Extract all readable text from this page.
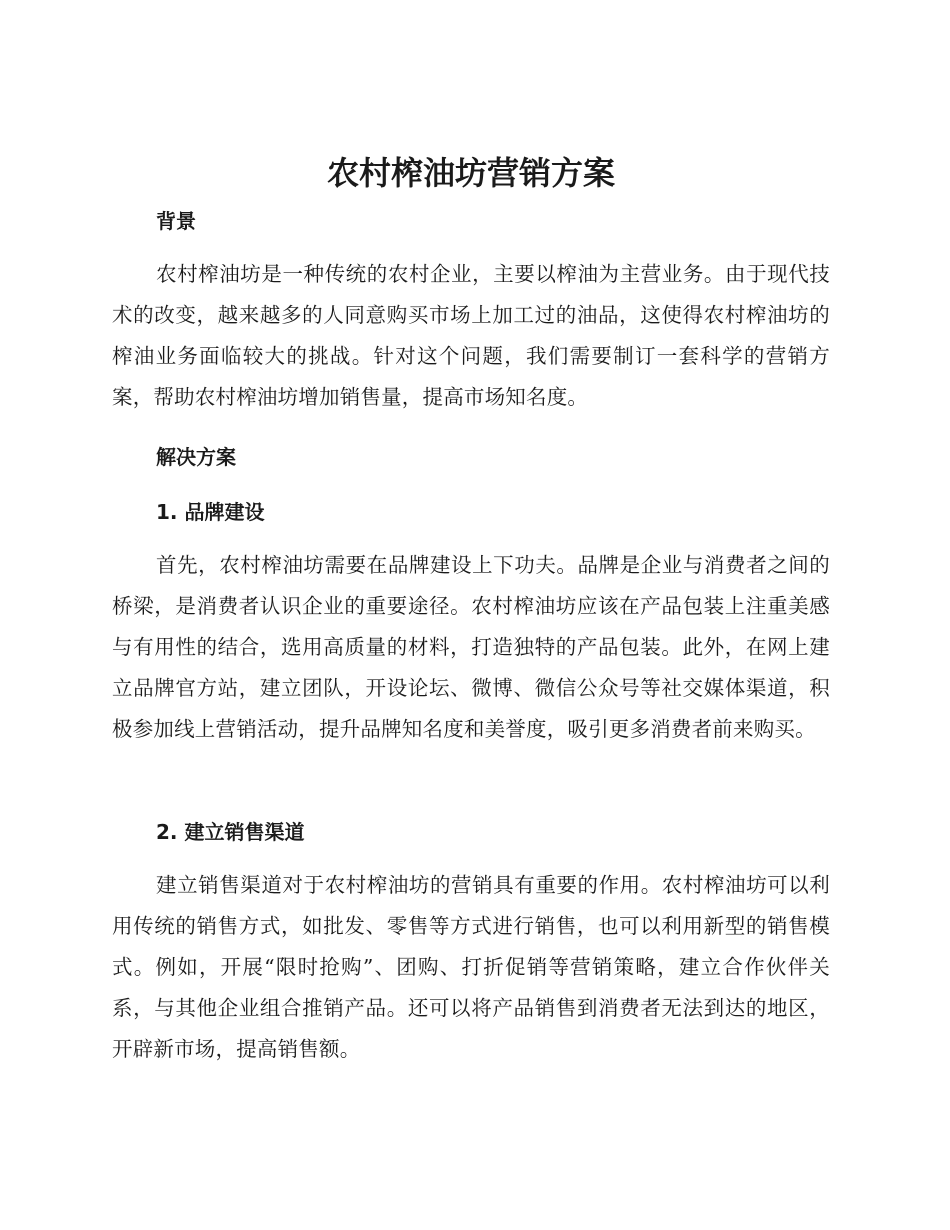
农村榨油坊营销方案
背景

农村榨油坊是一种传统的农村企业，主要以榨油为主营业务。由于现代技术的改变，越来越多的人同意购买市场上加工过的油品，这使得农村榨油坊的榨油业务面临较大的挑战。针对这个问题，我们需要制订一套科学的营销方案，帮助农村榨油坊增加销售量，提高市场知名度。

解决方案
1. 品牌建设

首先，农村榨油坊需要在品牌建设上下功夫。品牌是企业与消费者之间的桥梁，是消费者认识企业的重要途径。农村榨油坊应该在产品包装上注重美感与有用性的结合，选用高质量的材料，打造独特的产品包装。此外，在网上建立品牌官方站，建立团队，开设论坛、微博、微信公众号等社交媒体渠道，积极参加线上营销活动，提升品牌知名度和美誉度，吸引更多消费者前来购买。

2. 建立销售渠道

建立销售渠道对于农村榨油坊的营销具有重要的作用。农村榨油坊可以利用传统的销售方式，如批发、零售等方式进行销售，也可以利用新型的销售模式。例如，开展“限时抢购”、团购、打折促销等营销策略，建立合作伙伴关系，与其他企业组合推销产品。还可以将产品销售到消费者无法到达的地区，开辟新市场，提高销售额。
